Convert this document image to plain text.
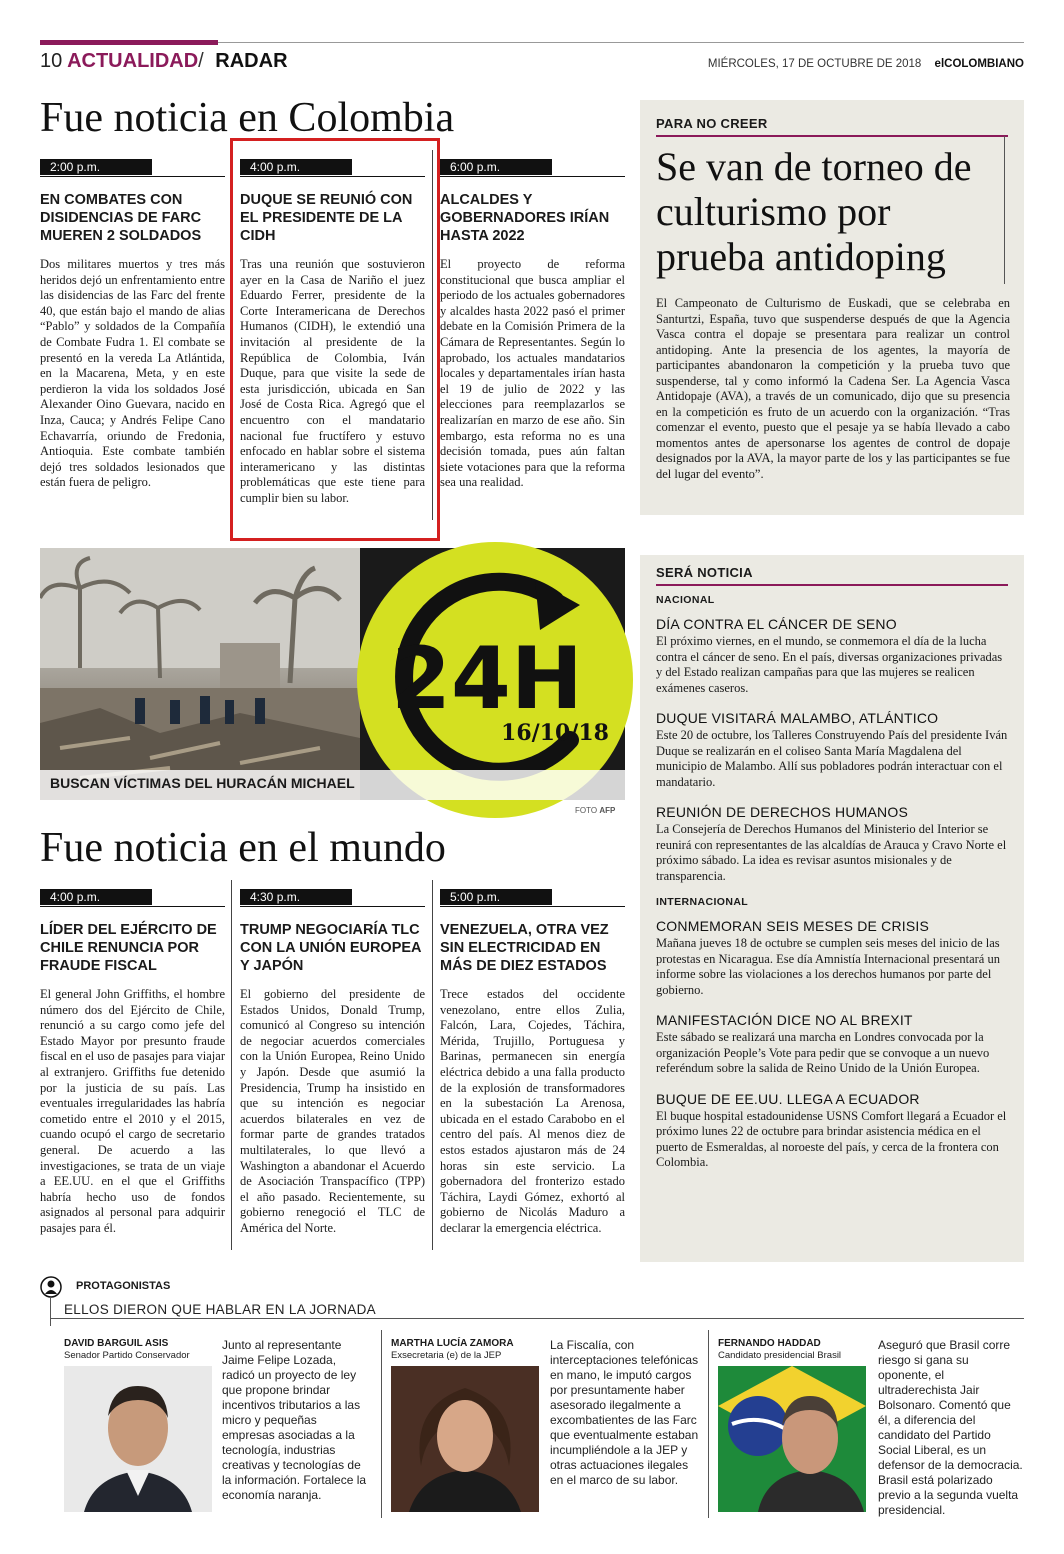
10 ACTUALIDAD/ RADAR	MIÉRCOLES, 17 DE OCTUBRE DE 2018 elCOLOMBIANO
Fue noticia en Colombia
2:00 p.m.
EN COMBATES CON DISIDENCIAS DE FARC MUEREN 2 SOLDADOS
Dos militares muertos y tres más heridos dejó un enfrentamiento entre las disidencias de las Farc del frente 40, que están bajo el mando de alias “Pablo” y soldados de la Compañía de Combate Fudra 1. El combate se presentó en la vereda La Atlántida, en la Macarena, Meta, y en este perdieron la vida los soldados José Alexander Oino Guevara, nacido en Inza, Cauca; y Andrés Felipe Cano Echavarría, oriundo de Fredonia, Antioquia. Este combate también dejó tres soldados lesionados que están fuera de peligro.
4:00 p.m.
DUQUE SE REUNIÓ CON EL PRESIDENTE DE LA CIDH
Tras una reunión que sostuvieron ayer en la Casa de Nariño el juez Eduardo Ferrer, presidente de la Corte Interamericana de Derechos Humanos (CIDH), le extendió una invitación al presidente de la República de Colombia, Iván Duque, para que visite la sede de esta jurisdicción, ubicada en San José de Costa Rica. Agregó que el encuentro con el mandatario nacional fue fructífero y estuvo enfocado en hablar sobre el sistema interamericano y las distintas problemáticas que este tiene para cumplir bien su labor.
6:00 p.m.
ALCALDES Y GOBERNADORES IRÍAN HASTA 2022
El proyecto de reforma constitucional que busca ampliar el periodo de los actuales gobernadores y alcaldes hasta 2022 pasó el primer debate en la Comisión Primera de la Cámara de Representantes. Según lo aprobado, los actuales mandatarios locales y departamentales irían hasta el 19 de julio de 2022 y las elecciones para reemplazarlos se realizarían en marzo de ese año. Sin embargo, esta reforma no es una decisión tomada, pues aún faltan siete votaciones para que la reforma sea una realidad.
PARA NO CREER
Se van de torneo de culturismo por prueba antidoping
El Campeonato de Culturismo de Euskadi, que se celebraba en Santurtzi, España, tuvo que suspenderse después de que la Agencia Vasca contra el dopaje se presentara para realizar un control antidoping. Ante la presencia de los agentes, la mayoría de participantes abandonaron la competición y la prueba tuvo que suspenderse, tal y como informó la Cadena Ser. La Agencia Vasca Antidopaje (AVA), a través de un comunicado, dijo que su presencia en la competición es fruto de un acuerdo con la organización. “Tras comenzar el evento, puesto que el pesaje ya se había llevado a cabo momentos antes de apersonarse los agentes de control de dopaje designados por la AVA, la mayor parte de los y las participantes se fue del lugar del evento”.
24H
16/10/18
BUSCAN VÍCTIMAS DEL HURACÁN MICHAEL
FOTO AFP
Fue noticia en el mundo
4:00 p.m.
LÍDER DEL EJÉRCITO DE CHILE RENUNCIA POR FRAUDE FISCAL
El general John Griffiths, el hombre número dos del Ejército de Chile, renunció a su cargo como jefe del Estado Mayor por presunto fraude fiscal en el uso de pasajes para viajar al extranjero. Griffiths fue detenido por la justicia de su país. Las eventuales irregularidades las habría cometido entre el 2010 y el 2015, cuando ocupó el cargo de secretario general. De acuerdo a las investigaciones, se trata de un viaje a EE.UU. en el que el Griffiths habría hecho uso de fondos asignados al personal para adquirir pasajes para él.
4:30 p.m.
TRUMP NEGOCIARÍA TLC CON LA UNIÓN EUROPEA Y JAPÓN
El gobierno del presidente de Estados Unidos, Donald Trump, comunicó al Congreso su intención de negociar acuerdos comerciales con la Unión Europea, Reino Unido y Japón. Desde que asumió la Presidencia, Trump ha insistido en que su intención es negociar acuerdos bilaterales en vez de formar parte de grandes tratados multilaterales, lo que llevó a Washington a abandonar el Acuerdo de Asociación Transpacífico (TPP) el año pasado. Recientemente, su gobierno renegoció el TLC de América del Norte.
5:00 p.m.
VENEZUELA, OTRA VEZ SIN ELECTRICIDAD EN MÁS DE DIEZ ESTADOS
Trece estados del occidente venezolano, entre ellos Zulia, Falcón, Lara, Cojedes, Táchira, Mérida, Trujillo, Portuguesa y Barinas, permanecen sin energía eléctrica debido a una falla producto de la explosión de transformadores en la subestación La Arenosa, ubicada en el estado Carabobo en el centro del país. Al menos diez de estos estados ajustaron más de 24 horas sin este servicio. La gobernadora del fronterizo estado Táchira, Laydi Gómez, exhortó al gobierno de Nicolás Maduro a declarar la emergencia eléctrica.
SERÁ NOTICIA
NACIONAL
DÍA CONTRA EL CÁNCER DE SENO
El próximo viernes, en el mundo, se conmemora el día de la lucha contra el cáncer de seno. En el país, diversas organizaciones privadas y del Estado realizan campañas para que las mujeres se realicen exámenes caseros.
DUQUE VISITARÁ MALAMBO, ATLÁNTICO
Este 20 de octubre, los Talleres Construyendo País del presidente Iván Duque se realizarán en el coliseo Santa María Magdalena del municipio de Malambo. Allí sus pobladores podrán interactuar con el mandatario.
REUNIÓN DE DERECHOS HUMANOS
La Consejería de Derechos Humanos del Ministerio del Interior se reunirá con representantes de las alcaldías de Arauca y Cravo Norte el próximo sábado. La idea es revisar asuntos misionales y de transparencia.
INTERNACIONAL
CONMEMORAN SEIS MESES DE CRISIS
Mañana jueves 18 de octubre se cumplen seis meses del inicio de las protestas en Nicaragua. Ese día Amnistía Internacional presentará un informe sobre las violaciones a los derechos humanos por parte del gobierno.
MANIFESTACIÓN DICE NO AL BREXIT
Este sábado se realizará una marcha en Londres convocada por la organización People’s Vote para pedir que se convoque a un nuevo referéndum sobre la salida de Reino Unido de la Unión Europea.
BUQUE DE EE.UU. LLEGA A ECUADOR
El buque hospital estadounidense USNS Comfort llegará a Ecuador el próximo lunes 22 de octubre para brindar asistencia médica en el puerto de Esmeraldas, al noroeste del país, y cerca de la frontera con Colombia.
PROTAGONISTAS
ELLOS DIERON QUE HABLAR EN LA JORNADA
DAVID BARGUIL ASIS
Senador Partido Conservador
Junto al representante Jaime Felipe Lozada, radicó un proyecto de ley que propone brindar incentivos tributarios a las micro y pequeñas empresas asociadas a la tecnología, industrias creativas y tecnologías de la información. Fortalece la economía naranja.
MARTHA LUCÍA ZAMORA
Exsecretaria (e) de la JEP
La Fiscalía, con interceptaciones telefónicas en mano, le imputó cargos por presuntamente haber asesorado ilegalmente a excombatientes de las Farc que eventualmente estaban incumpliéndole a la JEP y otras actuaciones ilegales en el marco de su labor.
FERNANDO HADDAD
Candidato presidencial Brasil
Aseguró que Brasil corre riesgo si gana su oponente, el ultraderechista Jair Bolsonaro. Comentó que él, a diferencia del candidato del Partido Social Liberal, es un defensor de la democracia. Brasil está polarizado previo a la segunda vuelta presidencial.
